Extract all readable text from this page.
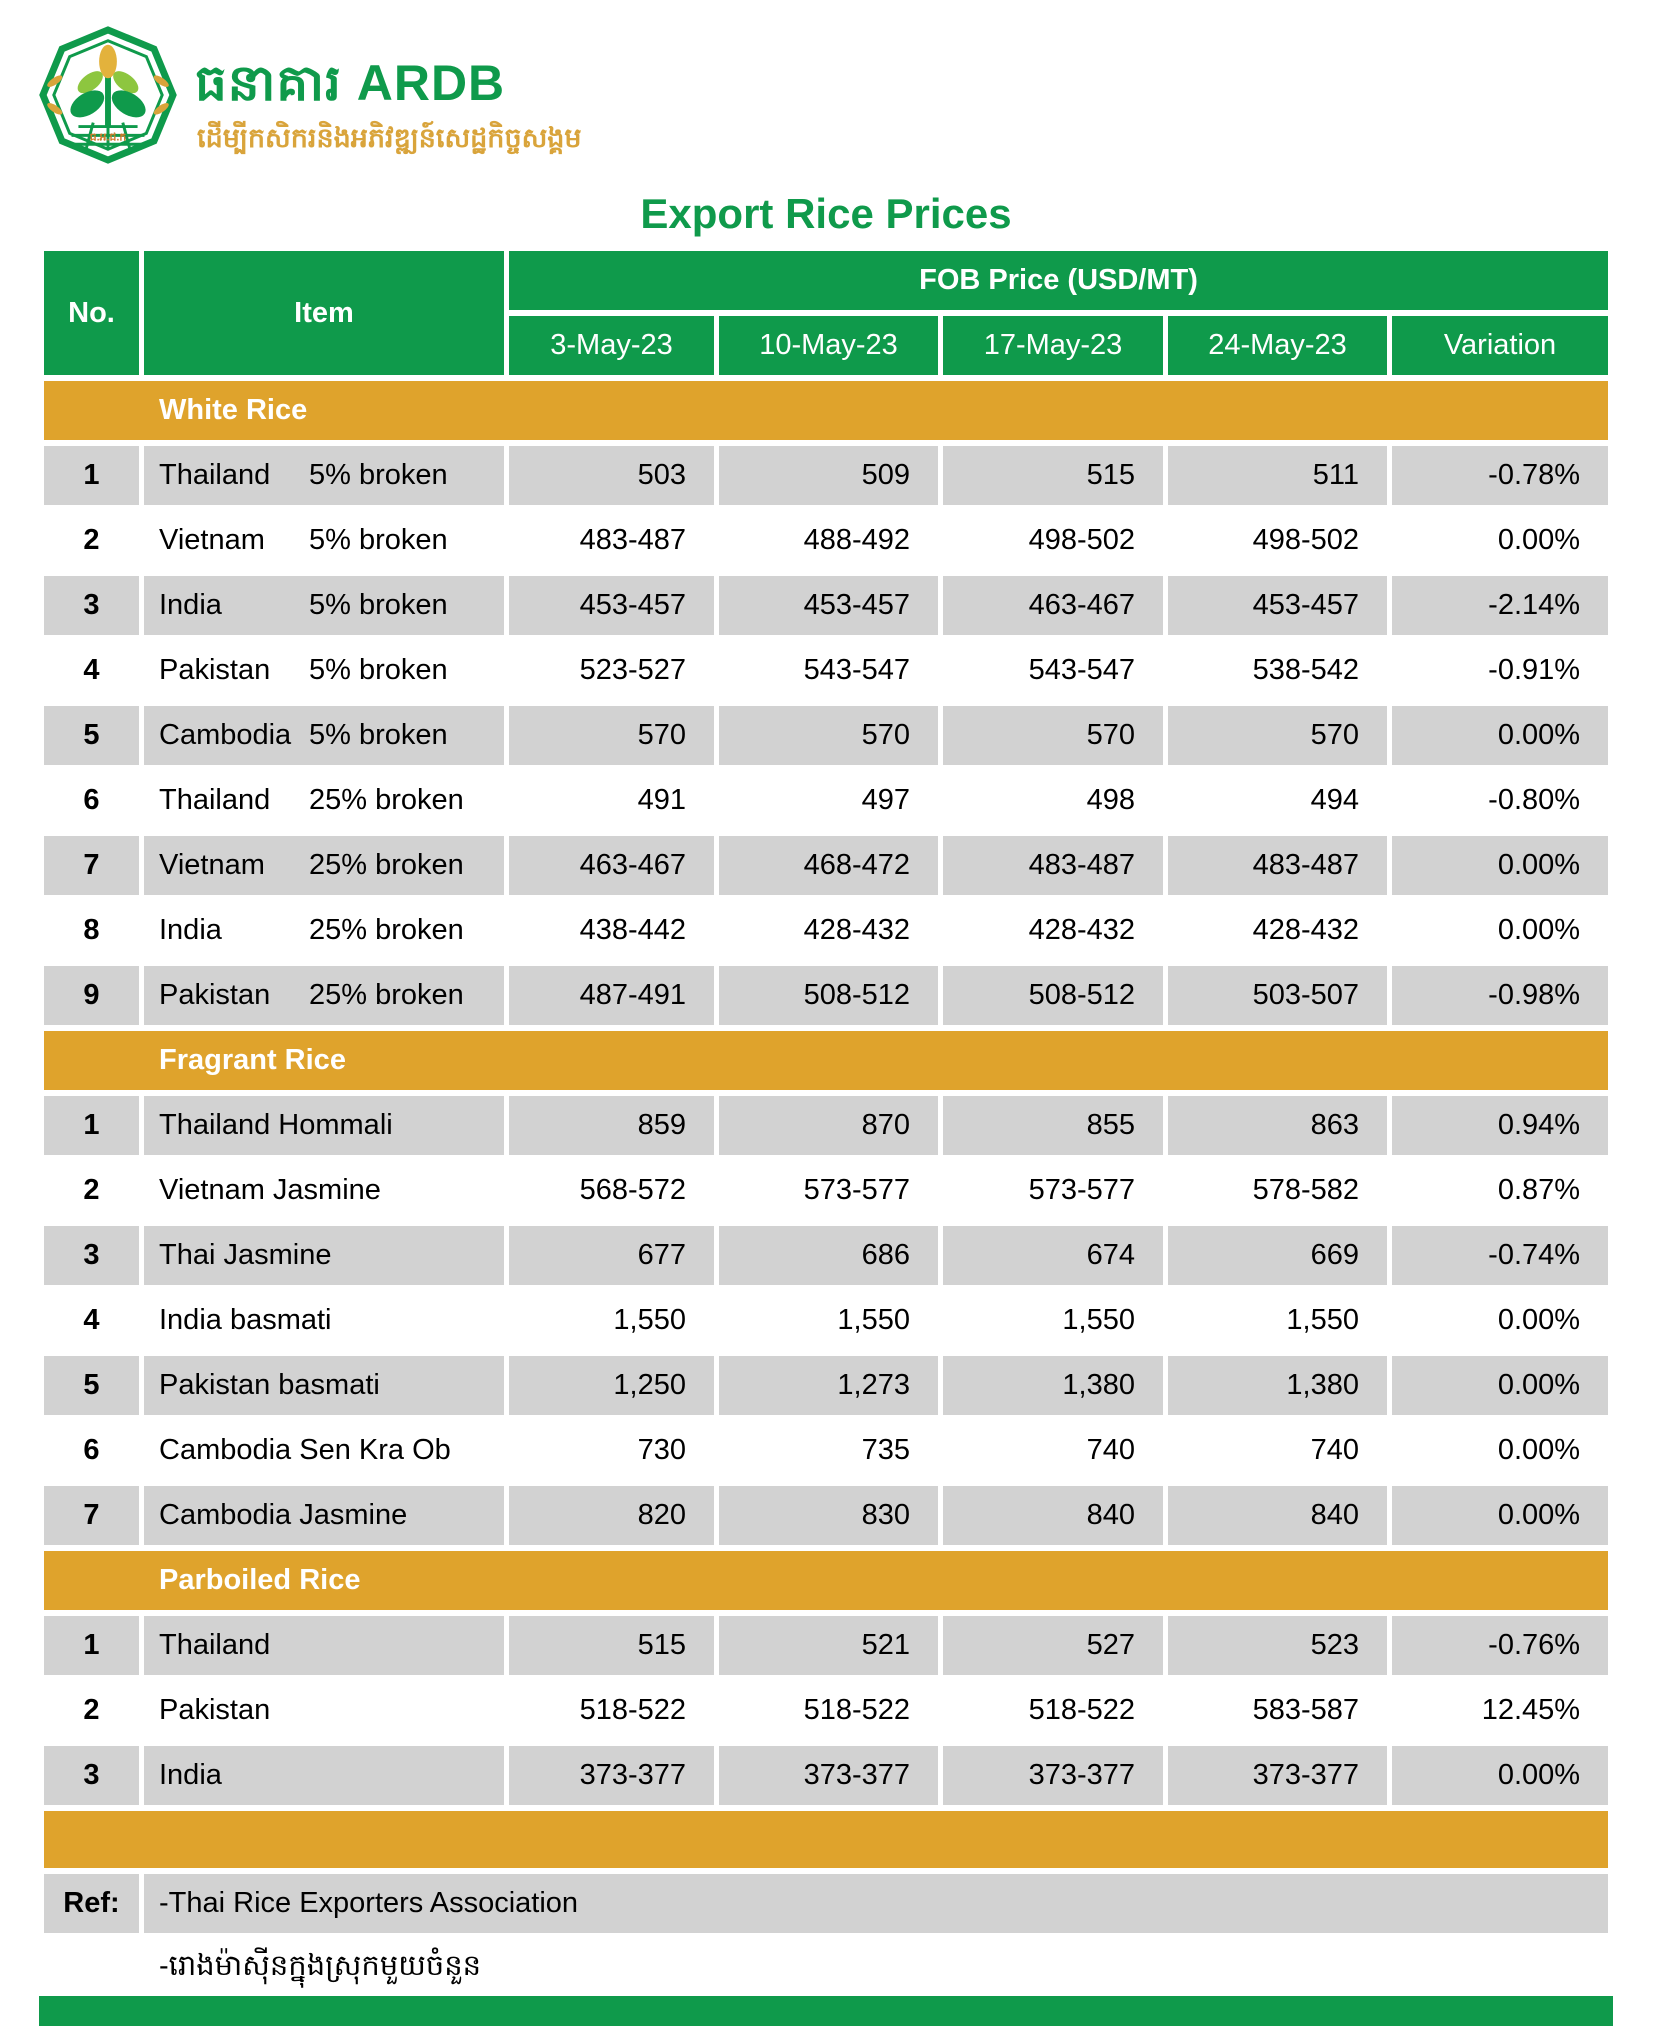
ធ.អ.ជ.ក
ធនាគារ ARDB
ដើម្បីកសិករនិងអភិវឌ្ឍន៍សេដ្ឋកិច្ចសង្គម
Export Rice Prices
No.	Item	FOB Price (USD/MT)				
		3-May-23	10-May-23	17-May-23	24-May-23	Variation
White Rice						
1	Thailand 5% broken	503	509	515	511	-0.78%
2	Vietnam 5% broken	483-487	488-492	498-502	498-502	0.00%
3	India 5% broken	453-457	453-457	463-467	453-457	-2.14%
4	Pakistan 5% broken	523-527	543-547	543-547	538-542	-0.91%
5	Cambodia 5% broken	570	570	570	570	0.00%
6	Thailand 25% broken	491	497	498	494	-0.80%
7	Vietnam 25% broken	463-467	468-472	483-487	483-487	0.00%
8	India 25% broken	438-442	428-432	428-432	428-432	0.00%
9	Pakistan 25% broken	487-491	508-512	508-512	503-507	-0.98%
Fragrant Rice						
1	Thailand Hommali	859	870	855	863	0.94%
2	Vietnam Jasmine	568-572	573-577	573-577	578-582	0.87%
3	Thai Jasmine	677	686	674	669	-0.74%
4	India basmati	1,550	1,550	1,550	1,550	0.00%
5	Pakistan basmati	1,250	1,273	1,380	1,380	0.00%
6	Cambodia Sen Kra Ob	730	735	740	740	0.00%
7	Cambodia Jasmine	820	830	840	840	0.00%
Parboiled Rice						
1	Thailand	515	521	527	523	-0.76%
2	Pakistan	518-522	518-522	518-522	583-587	12.45%
3	India	373-377	373-377	373-377	373-377	0.00%

Ref:	-Thai Rice Exporters Association					
	-រោងម៉ាស៊ីនក្នុងស្រុកមួយចំនួន					
